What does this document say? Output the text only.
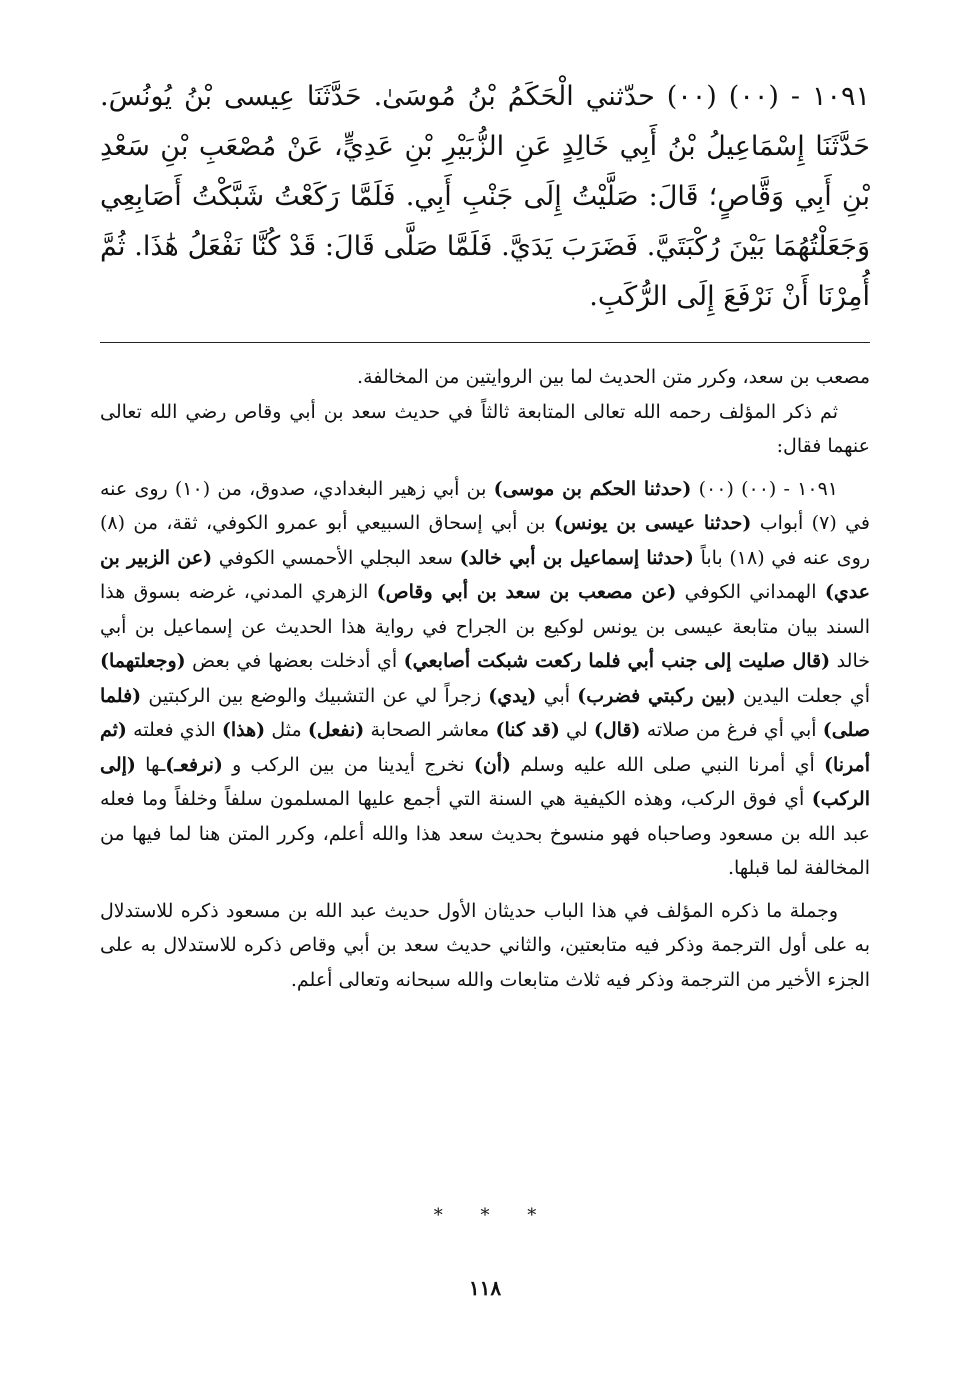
١٠٩١ - (٠٠) (٠٠) حدّثني الْحَكَمُ بْنُ مُوسَىٰ. حَدَّثَنَا عِيسى بْنُ يُونُسَ. حَدَّثَنَا إِسْمَاعِيلُ بْنُ أَبِي خَالِدٍ عَنِ الزُّبَيْرِ بْنِ عَدِيٍّ، عَنْ مُصْعَبِ بْنِ سَعْدِ بْنِ أَبِي وَقَّاصٍ؛ قَالَ: صَلَّيْتُ إِلَى جَنْبِ أَبِي. فَلَمَّا رَكَعْتُ شَبَّكْتُ أَصَابِعِي وَجَعَلْتُهُمَا بَيْنَ رُكْبَتَيَّ. فَضَرَبَ يَدَيَّ. فَلَمَّا صَلَّى قَالَ: قَدْ كُنَّا نَفْعَلُ هَٰذَا. ثُمَّ أُمِرْنَا أَنْ نَرْفَعَ إِلَى الرُّكَبِ.

مصعب بن سعد، وكرر متن الحديث لما بين الروايتين من المخالفة.

ثم ذكر المؤلف رحمه الله تعالى المتابعة ثالثاً في حديث سعد بن أبي وقاص رضي الله تعالى عنهما فقال:

١٠٩١ - (٠٠) (٠٠) (حدثنا الحكم بن موسى) بن أبي زهير البغدادي، صدوق، من (١٠) روى عنه في (٧) أبواب (حدثنا عيسى بن يونس) بن أبي إسحاق السبيعي أبو عمرو الكوفي، ثقة، من (٨) روى عنه في (١٨) باباً (حدثنا إسماعيل بن أبي خالد) سعد البجلي الأحمسي الكوفي (عن الزبير بن عدي) الهمداني الكوفي (عن مصعب بن سعد بن أبي وقاص) الزهري المدني، غرضه بسوق هذا السند بيان متابعة عيسى بن يونس لوكيع بن الجراح في رواية هذا الحديث عن إسماعيل بن أبي خالد (قال صليت إلى جنب أبي فلما ركعت شبكت أصابعي) أي أدخلت بعضها في بعض (وجعلتهما) أي جعلت اليدين (بين ركبتي فضرب) أبي (يدي) زجراً لي عن التشبيك والوضع بين الركبتين (فلما صلى) أبي أي فرغ من صلاته (قال) لي (قد كنا) معاشر الصحابة (نفعل) مثل (هذا) الذي فعلته (ثم أمرنا) أي أمرنا النبي صلى الله عليه وسلم (أن) نخرج أيدينا من بين الركب و (نرفعـ)ـها (إلى الركب) أي فوق الركب، وهذه الكيفية هي السنة التي أجمع عليها المسلمون سلفاً وخلفاً وما فعله عبد الله بن مسعود وصاحباه فهو منسوخ بحديث سعد هذا والله أعلم، وكرر المتن هنا لما فيها من المخالفة لما قبلها.

وجملة ما ذكره المؤلف في هذا الباب حديثان الأول حديث عبد الله بن مسعود ذكره للاستدلال به على أول الترجمة وذكر فيه متابعتين، والثاني حديث سعد بن أبي وقاص ذكره للاستدلال به على الجزء الأخير من الترجمة وذكر فيه ثلاث متابعات والله سبحانه وتعالى أعلم.

* * *
١١٨
